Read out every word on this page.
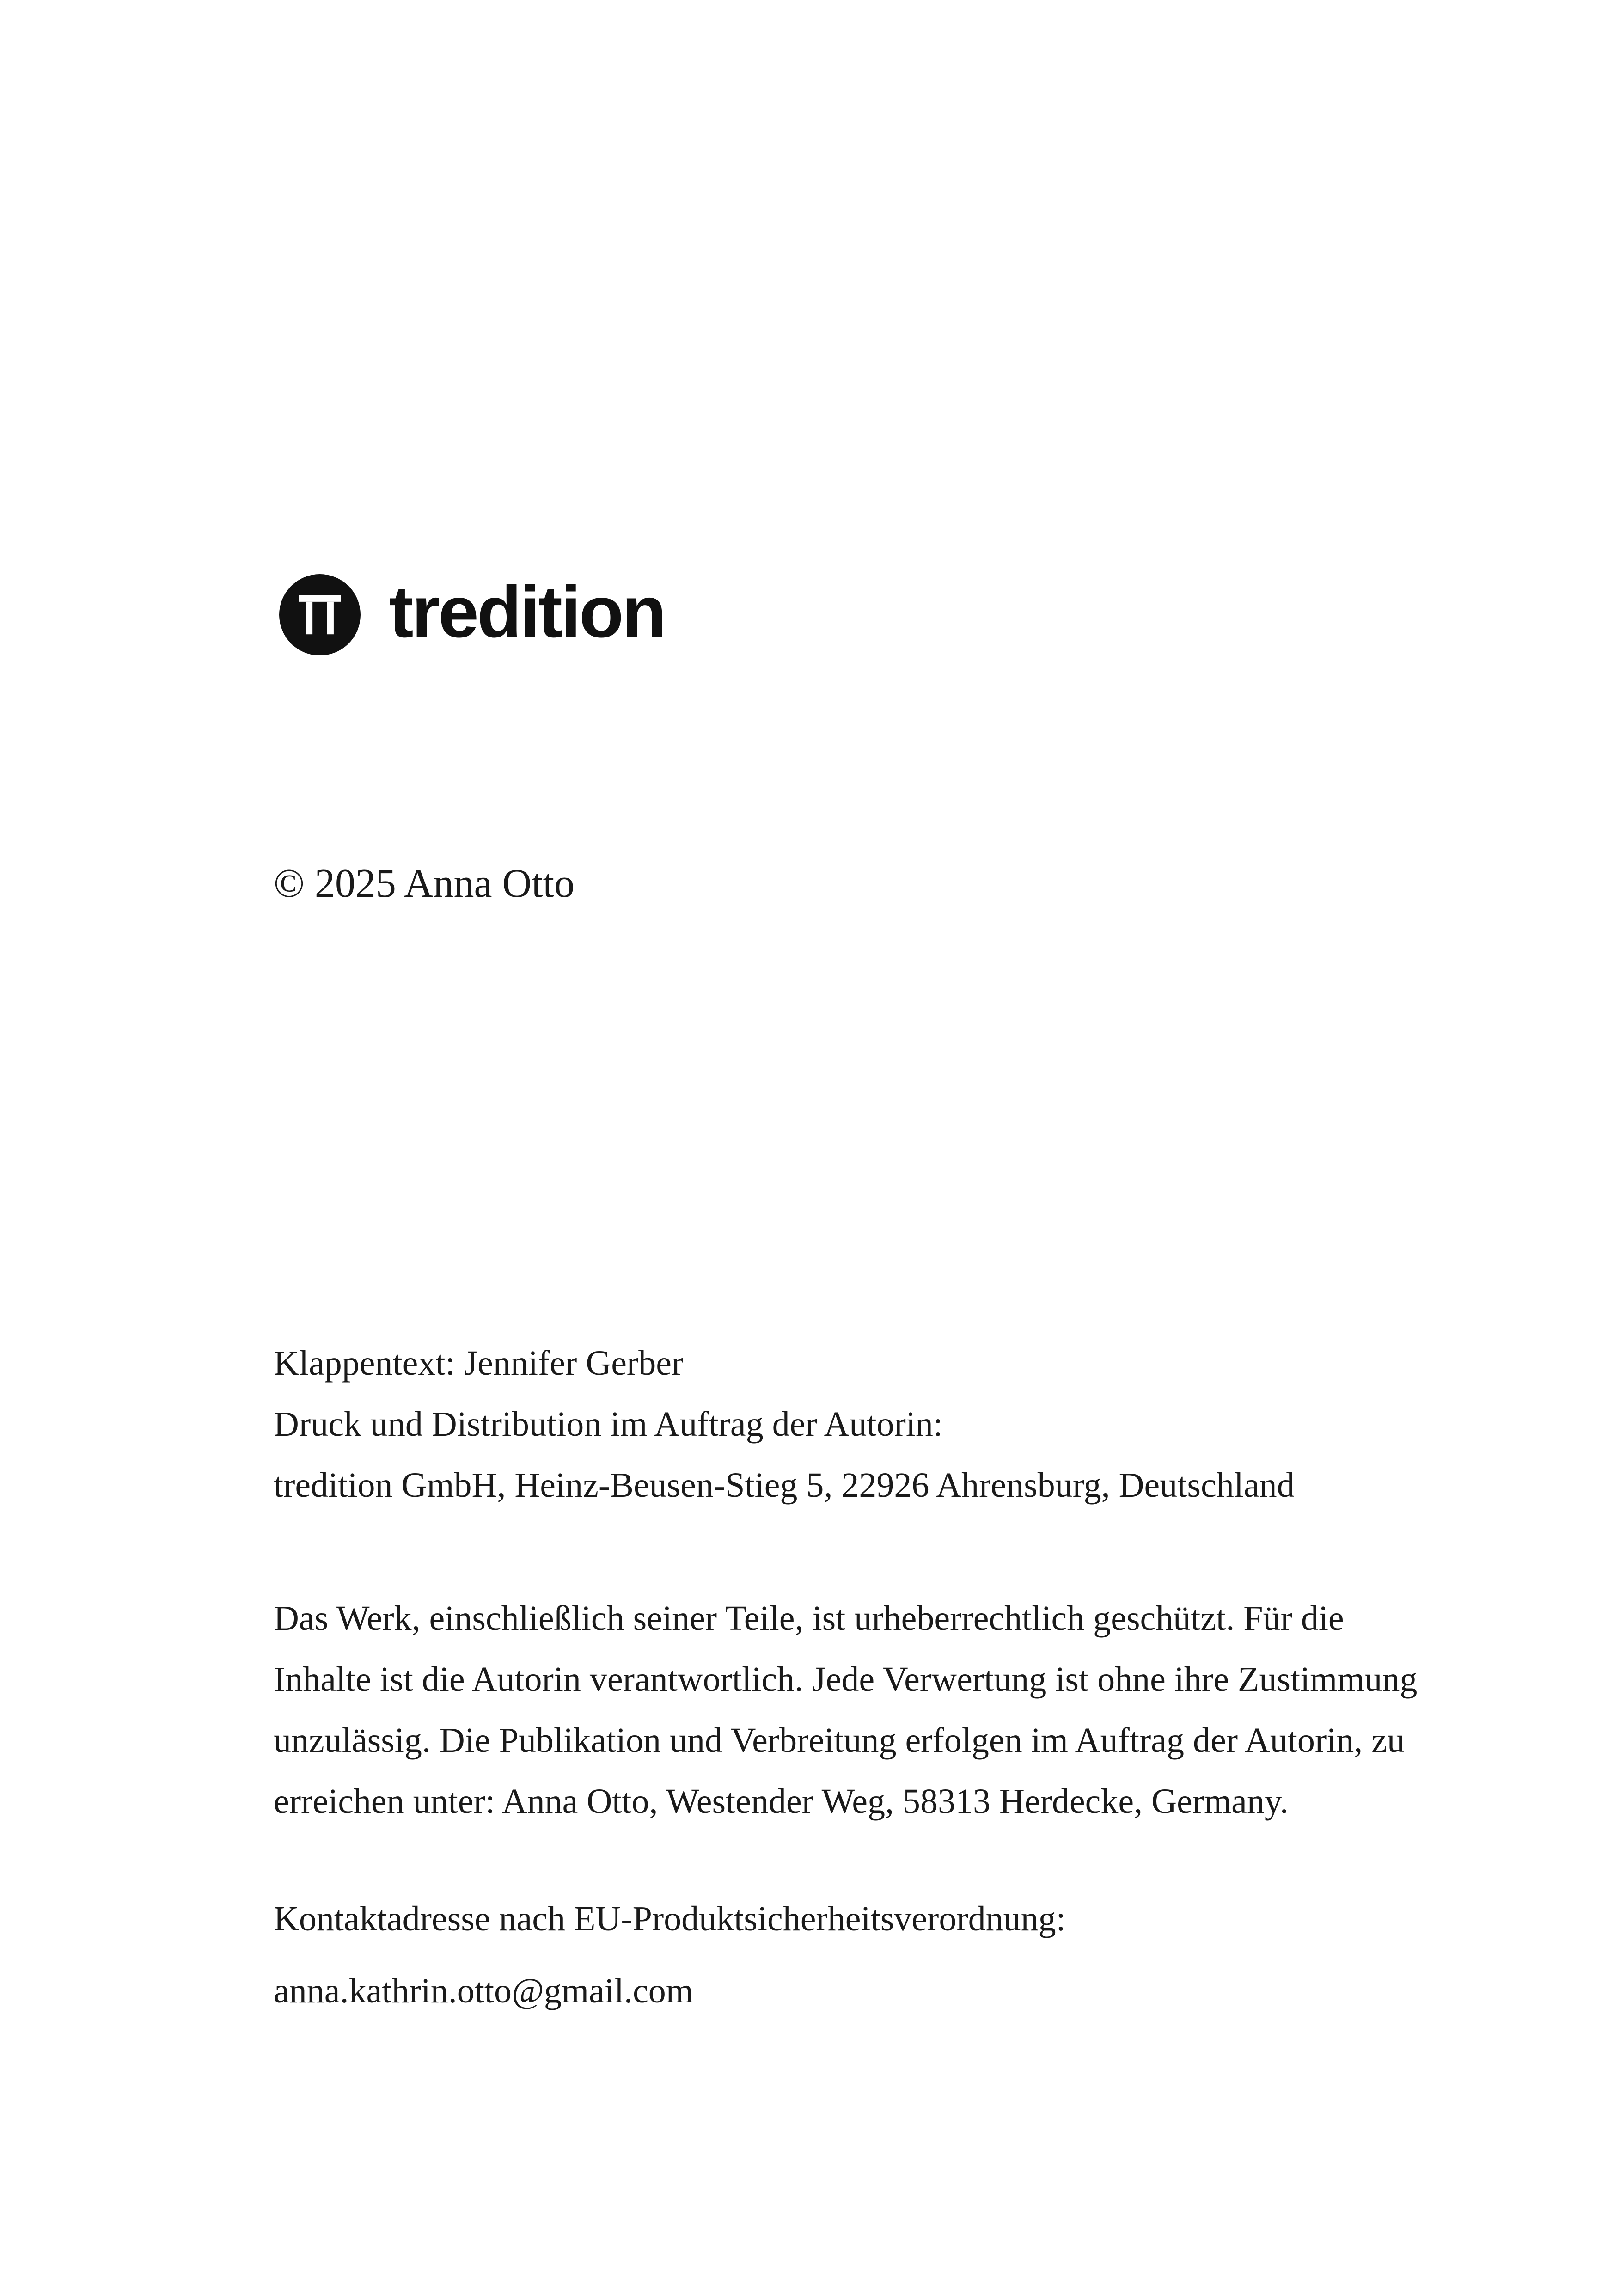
tredition
© 2025 Anna Otto
Klappentext: Jennifer Gerber
Druck und Distribution im Auftrag der Autorin:
tredition GmbH, Heinz-Beusen-Stieg 5, 22926 Ahrensburg, Deutschland
Das Werk, einschließlich seiner Teile, ist urheberrechtlich geschützt. Für die
Inhalte ist die Autorin verantwortlich. Jede Verwertung ist ohne ihre Zustimmung
unzulässig. Die Publikation und Verbreitung erfolgen im Auftrag der Autorin, zu
erreichen unter: Anna Otto, Westender Weg, 58313 Herdecke, Germany.
Kontaktadresse nach EU-Produktsicherheitsverordnung:
anna.kathrin.otto@gmail.com
